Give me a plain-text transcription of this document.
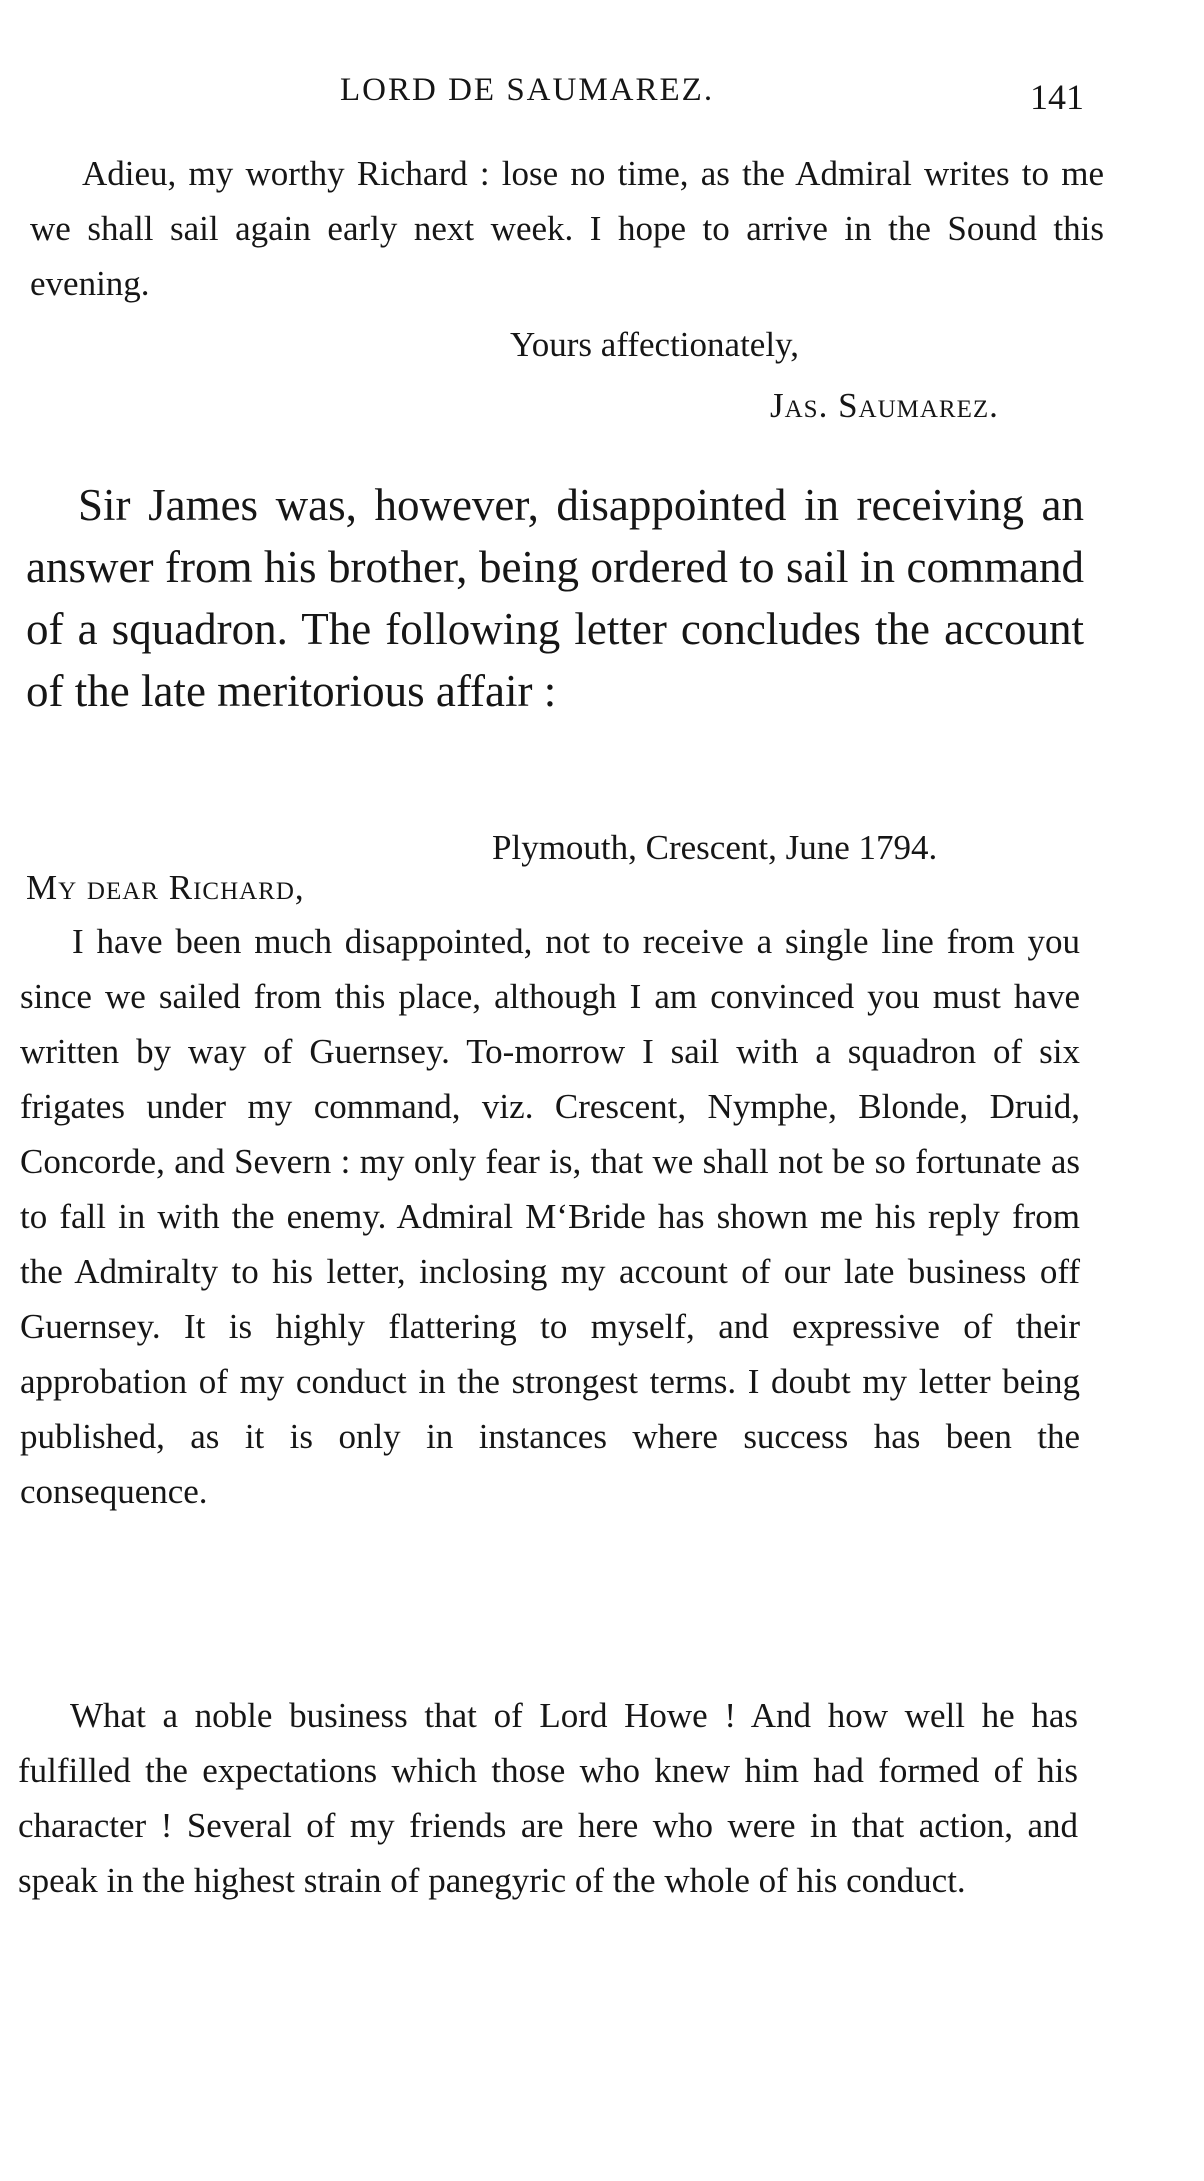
LORD DE SAUMAREZ.	141

Adieu, my worthy Richard : lose no time, as the Admiral writes to me we shall sail again early next week. I hope to arrive in the Sound this evening.

Yours affectionately,
Jas. Saumarez.

Sir James was, however, disappointed in receiving an answer from his brother, being ordered to sail in command of a squadron. The following letter concludes the account of the late meritorious affair :

Plymouth, Crescent, June 1794.
My dear Richard,

I have been much disappointed, not to receive a single line from you since we sailed from this place, although I am convinced you must have written by way of Guernsey. To-morrow I sail with a squadron of six frigates under my command, viz. Crescent, Nymphe, Blonde, Druid, Concorde, and Severn : my only fear is, that we shall not be so fortunate as to fall in with the enemy. Admiral M‘Bride has shown me his reply from the Admiralty to his letter, inclosing my account of our late business off Guernsey. It is highly flattering to myself, and expressive of their approbation of my conduct in the strongest terms. I doubt my letter being published, as it is only in instances where success has been the consequence.

What a noble business that of Lord Howe ! And how well he has fulfilled the expectations which those who knew him had formed of his character ! Several of my friends are here who were in that action, and speak in the highest strain of panegyric of the whole of his conduct.
